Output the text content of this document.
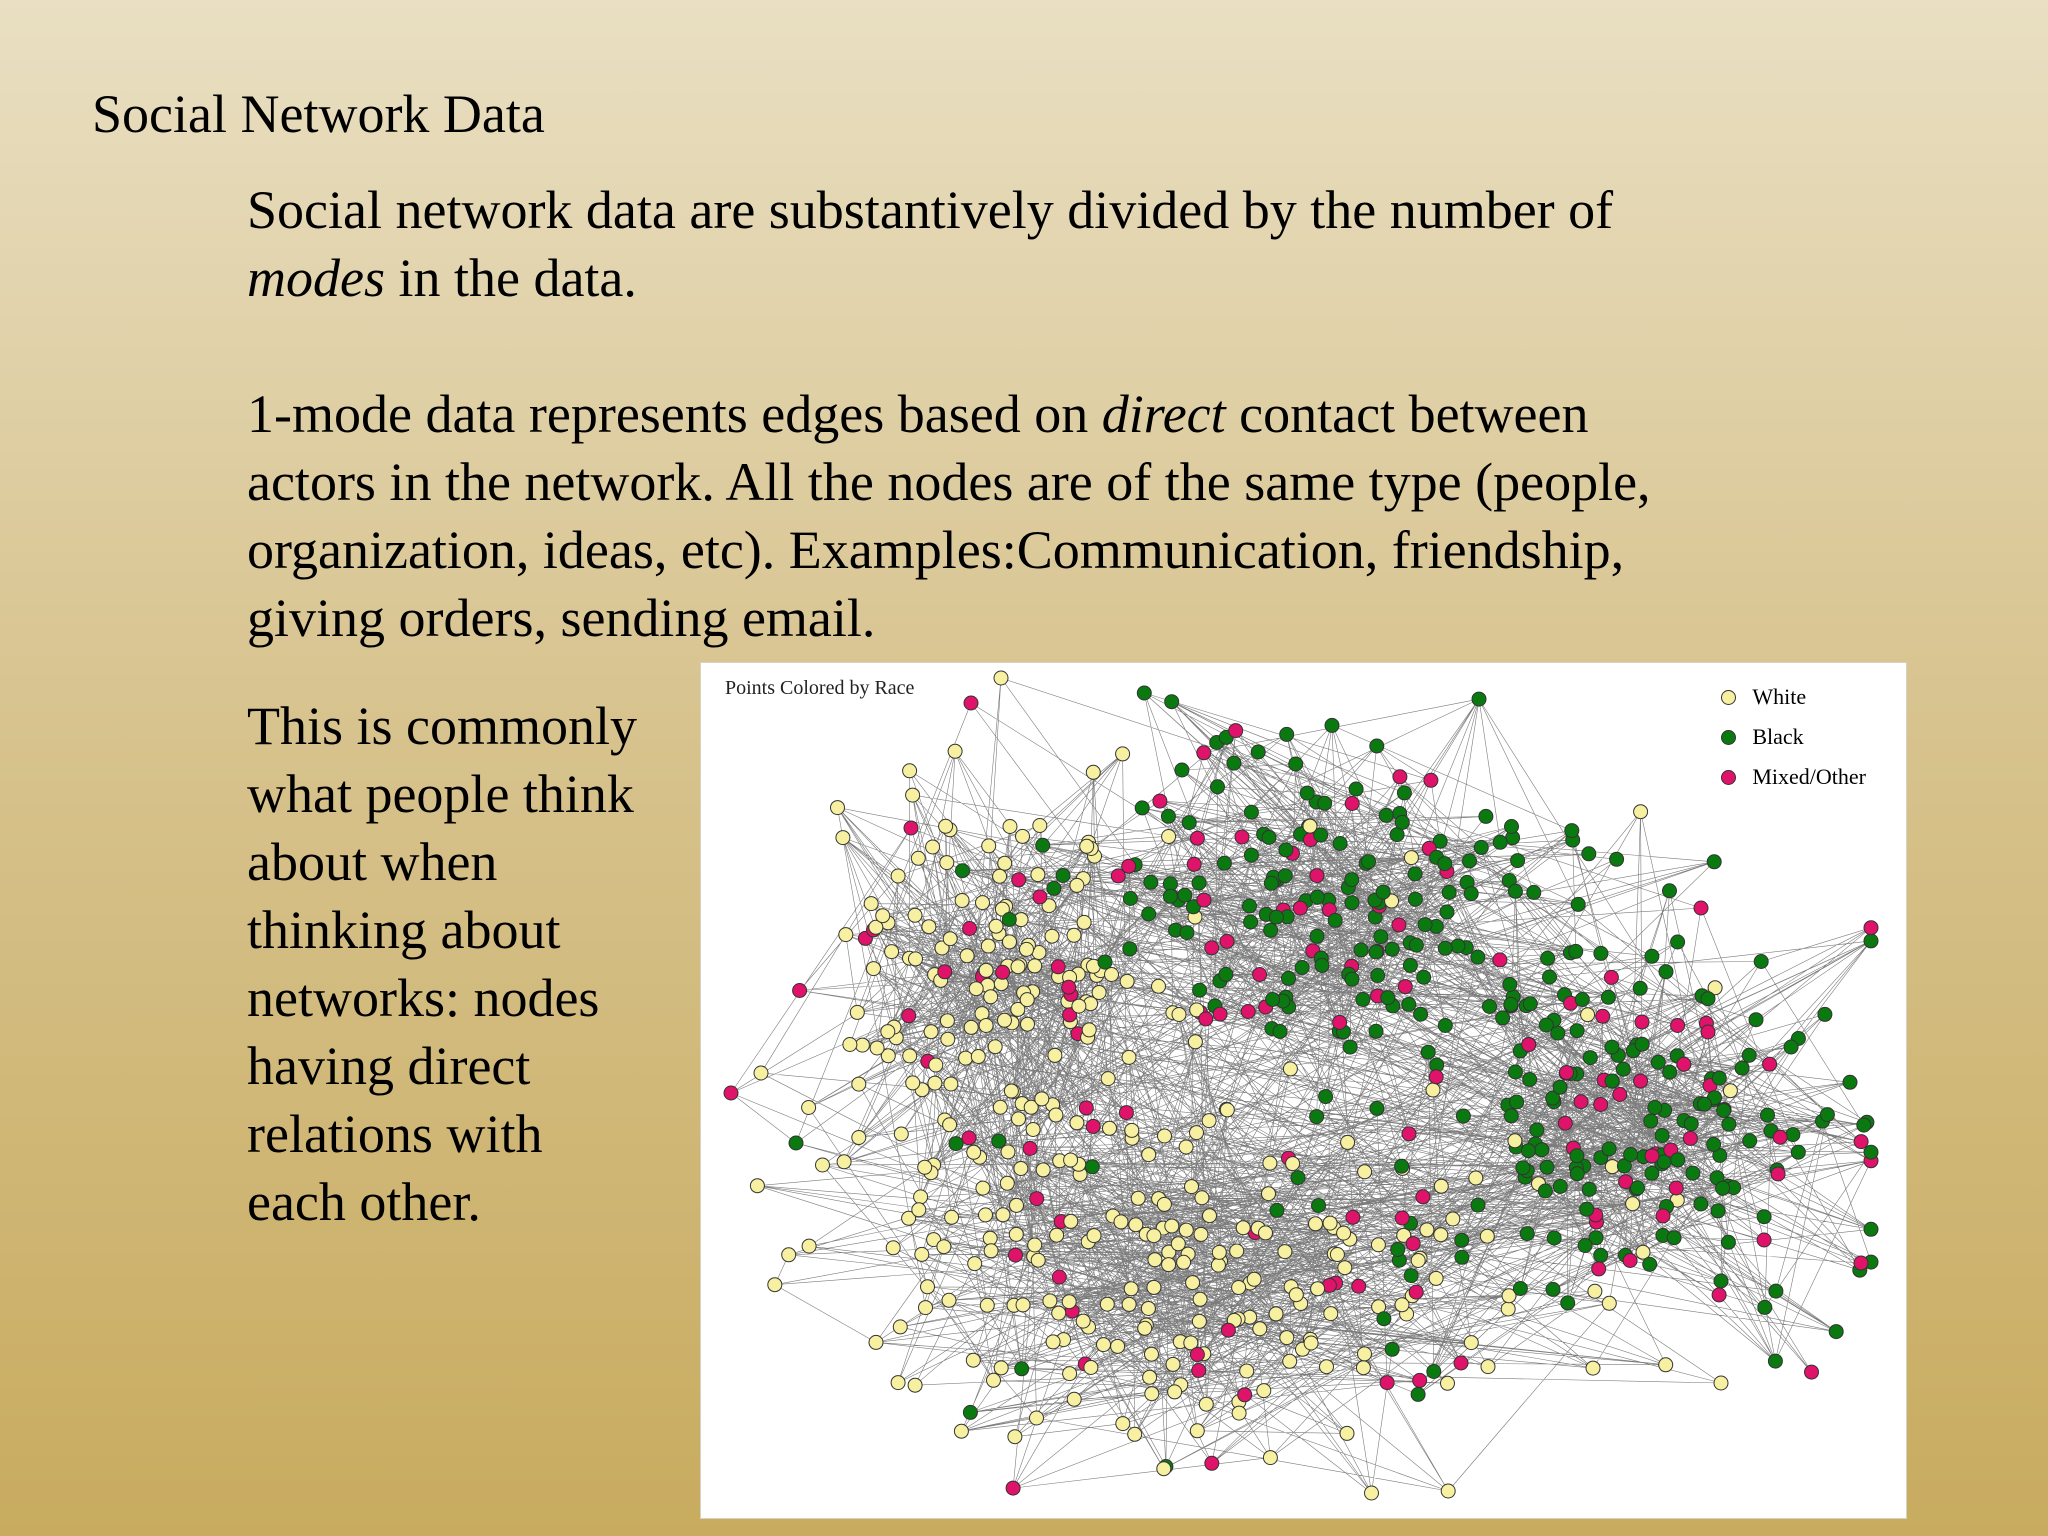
Social Network Data

Social network data are substantively divided by the number of
modes in the data.

1-mode data represents edges based on direct contact between
actors in the network. All the nodes are of the same type (people,
organization, ideas, etc). Examples:Communication, friendship,
giving orders, sending email.

This is commonly
what people think
about when
thinking about
networks: nodes
having direct
relations with
each other.

Points Colored by Race	White
Black
Mixed/Other
